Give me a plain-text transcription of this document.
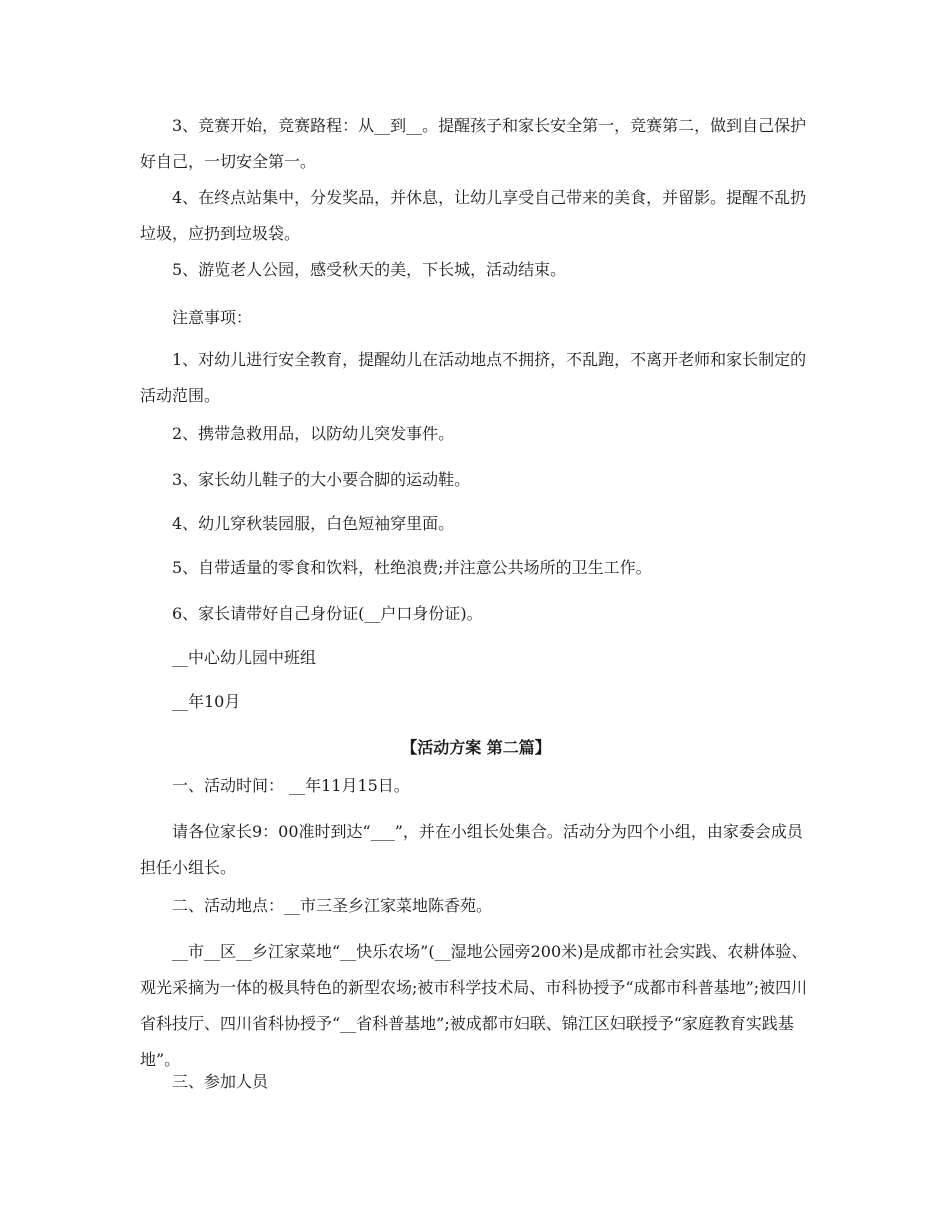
3、竞赛开始，竞赛路程：从__到__。提醒孩子和家长安全第一，竞赛第二，做到自己保护好自己，一切安全第一。

4、在终点站集中，分发奖品，并休息，让幼儿享受自己带来的美食，并留影。提醒不乱扔垃圾，应扔到垃圾袋。

5、游览老人公园，感受秋天的美，下长城，活动结束。

注意事项：

1、对幼儿进行安全教育，提醒幼儿在活动地点不拥挤，不乱跑，不离开老师和家长制定的活动范围。

2、携带急救用品，以防幼儿突发事件。

3、家长幼儿鞋子的大小要合脚的运动鞋。

4、幼儿穿秋装园服，白色短袖穿里面。

5、自带适量的零食和饮料，杜绝浪费;并注意公共场所的卫生工作。

6、家长请带好自己身份证(__户口身份证)。

__中心幼儿园中班组

__年10月

【活动方案 第二篇】

一、活动时间： __年11月15日。

请各位家长9：00准时到达“___”，并在小组长处集合。活动分为四个小组，由家委会成员担任小组长。

二、活动地点：__市三圣乡江家菜地陈香苑。

__市__区__乡江家菜地“__快乐农场”(__湿地公园旁200米)是成都市社会实践、农耕体验、观光采摘为一体的极具特色的新型农场;被市科学技术局、市科协授予“成都市科普基地”;被四川省科技厅、四川省科协授予“__省科普基地”;被成都市妇联、锦江区妇联授予“家庭教育实践基地”。

三、参加人员
